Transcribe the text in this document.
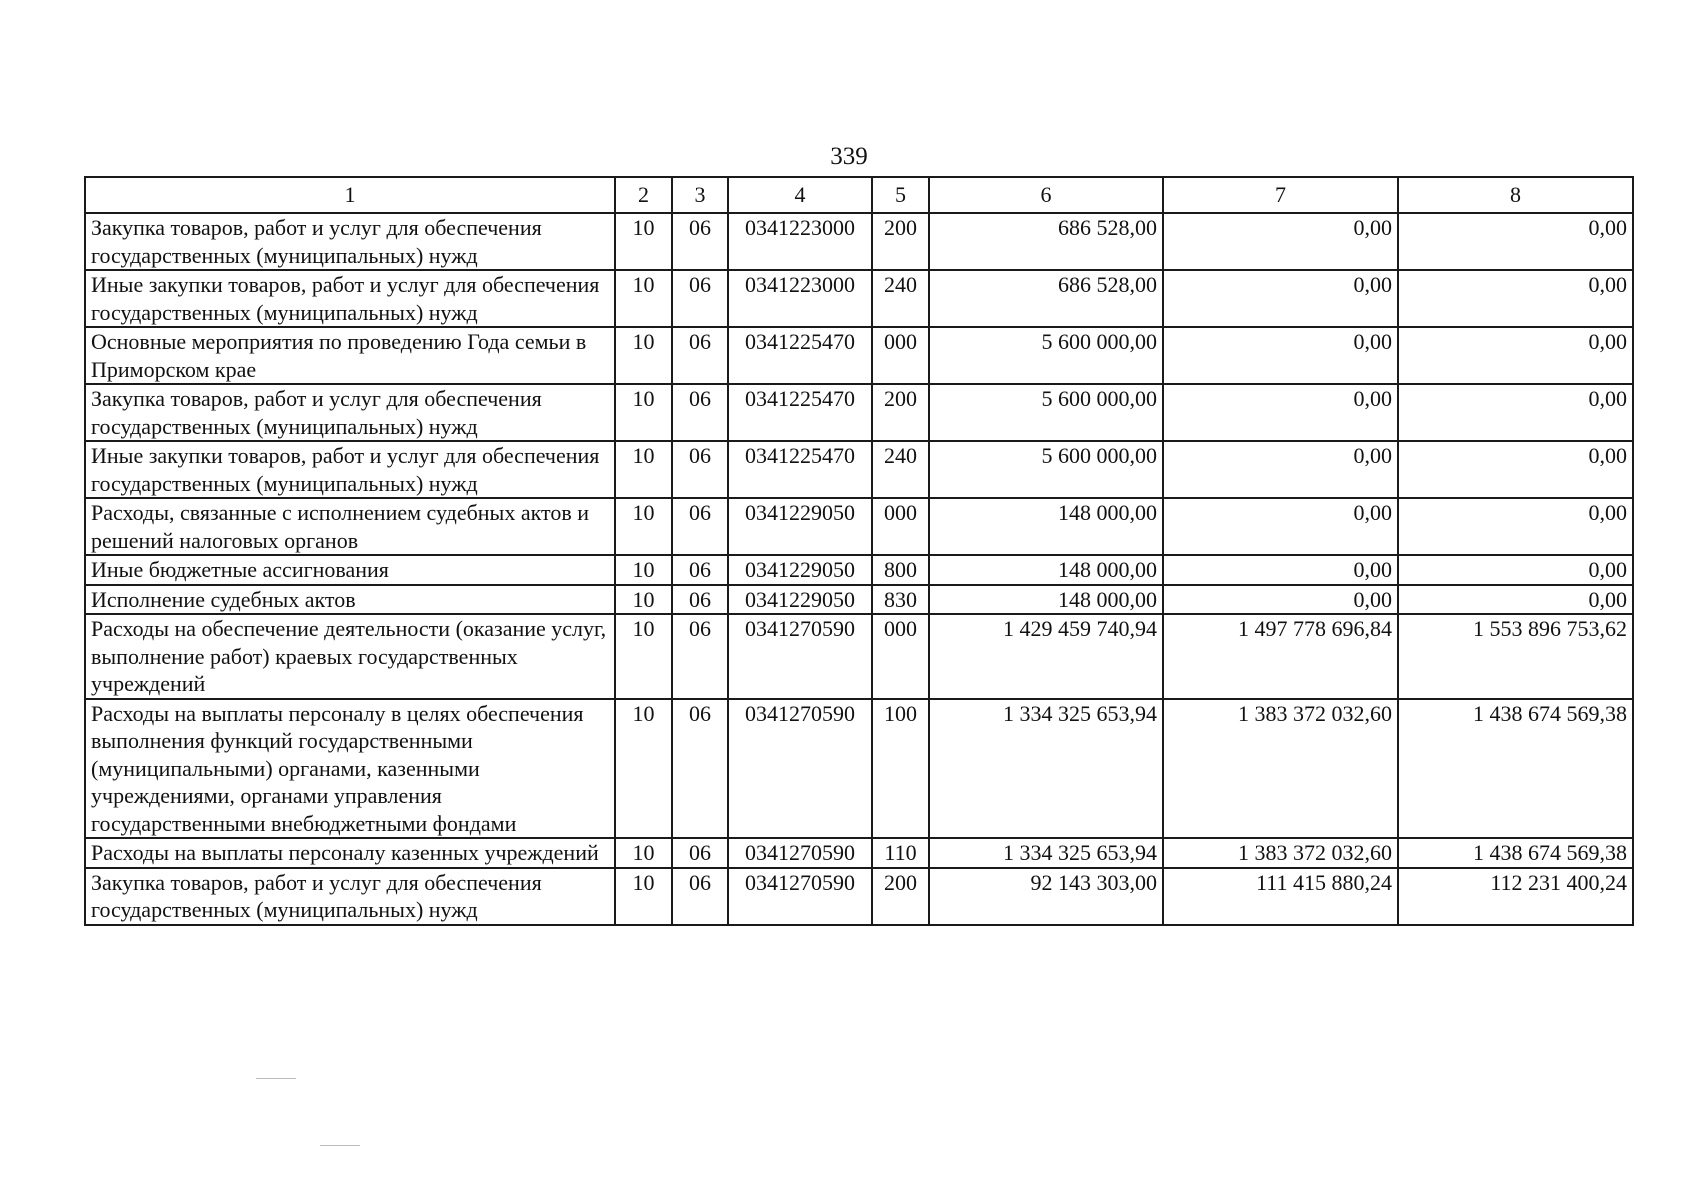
339
1	2	3	4	5	6	7	8
Закупка товаров, работ и услуг для обеспечения государственных (муниципальных) нужд	10	06	0341223000	200	686 528,00	0,00	0,00
Иные закупки товаров, работ и услуг для обеспечения государственных (муниципальных) нужд	10	06	0341223000	240	686 528,00	0,00	0,00
Основные мероприятия по проведению Года семьи в Приморском крае	10	06	0341225470	000	5 600 000,00	0,00	0,00
Закупка товаров, работ и услуг для обеспечения государственных (муниципальных) нужд	10	06	0341225470	200	5 600 000,00	0,00	0,00
Иные закупки товаров, работ и услуг для обеспечения государственных (муниципальных) нужд	10	06	0341225470	240	5 600 000,00	0,00	0,00
Расходы, связанные с исполнением судебных актов и решений налоговых органов	10	06	0341229050	000	148 000,00	0,00	0,00
Иные бюджетные ассигнования	10	06	0341229050	800	148 000,00	0,00	0,00
Исполнение судебных актов	10	06	0341229050	830	148 000,00	0,00	0,00
Расходы на обеспечение деятельности (оказание услуг, выполнение работ) краевых государственных учреждений	10	06	0341270590	000	1 429 459 740,94	1 497 778 696,84	1 553 896 753,62
Расходы на выплаты персоналу в целях обеспечения выполнения функций государственными (муниципальными) органами, казенными учреждениями, органами управления государственными внебюджетными фондами	10	06	0341270590	100	1 334 325 653,94	1 383 372 032,60	1 438 674 569,38
Расходы на выплаты персоналу казенных учреждений	10	06	0341270590	110	1 334 325 653,94	1 383 372 032,60	1 438 674 569,38
Закупка товаров, работ и услуг для обеспечения государственных (муниципальных) нужд	10	06	0341270590	200	92 143 303,00	111 415 880,24	112 231 400,24
